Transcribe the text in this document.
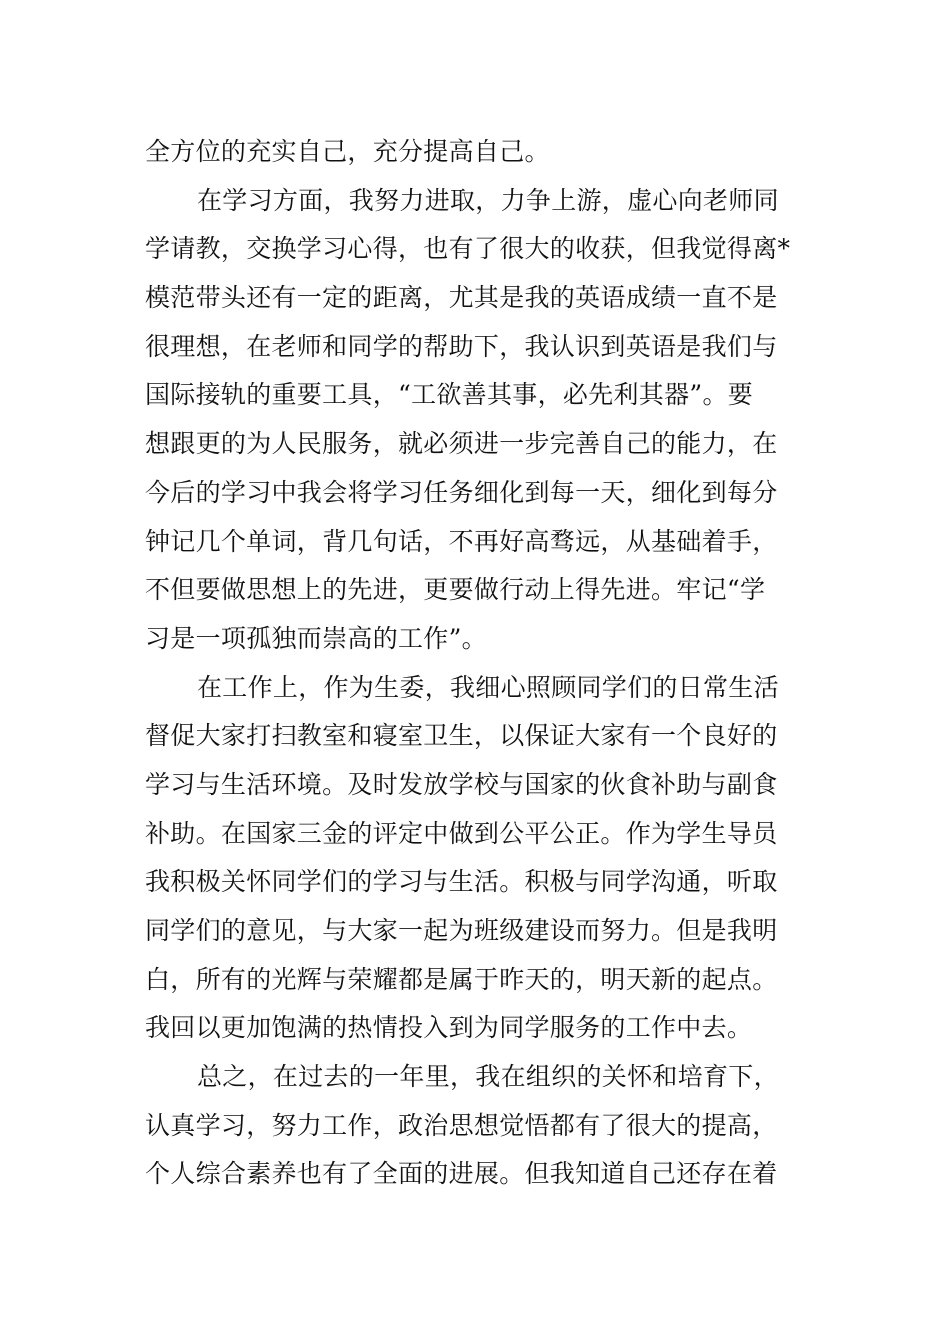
全方位的充实自己，充分提高自己。
在学习方面，我努力进取，力争上游，虚心向老师同
学请教，交换学习心得，也有了很大的收获，但我觉得离*
模范带头还有一定的距离，尤其是我的英语成绩一直不是
很理想，在老师和同学的帮助下，我认识到英语是我们与
国际接轨的重要工具，“工欲善其事，必先利其器”。要
想跟更的为人民服务，就必须进一步完善自己的能力，在
今后的学习中我会将学习任务细化到每一天，细化到每分
钟记几个单词，背几句话，不再好高骛远，从基础着手，
不但要做思想上的先进，更要做行动上得先进。牢记“学
习是一项孤独而崇高的工作”。
在工作上，作为生委，我细心照顾同学们的日常生活
督促大家打扫教室和寝室卫生，以保证大家有一个良好的
学习与生活环境。及时发放学校与国家的伙食补助与副食
补助。在国家三金的评定中做到公平公正。作为学生导员
我积极关怀同学们的学习与生活。积极与同学沟通，听取
同学们的意见，与大家一起为班级建设而努力。但是我明
白，所有的光辉与荣耀都是属于昨天的，明天新的起点。
我回以更加饱满的热情投入到为同学服务的工作中去。
总之，在过去的一年里，我在组织的关怀和培育下，
认真学习，努力工作，政治思想觉悟都有了很大的提高，
个人综合素养也有了全面的进展。但我知道自己还存在着
